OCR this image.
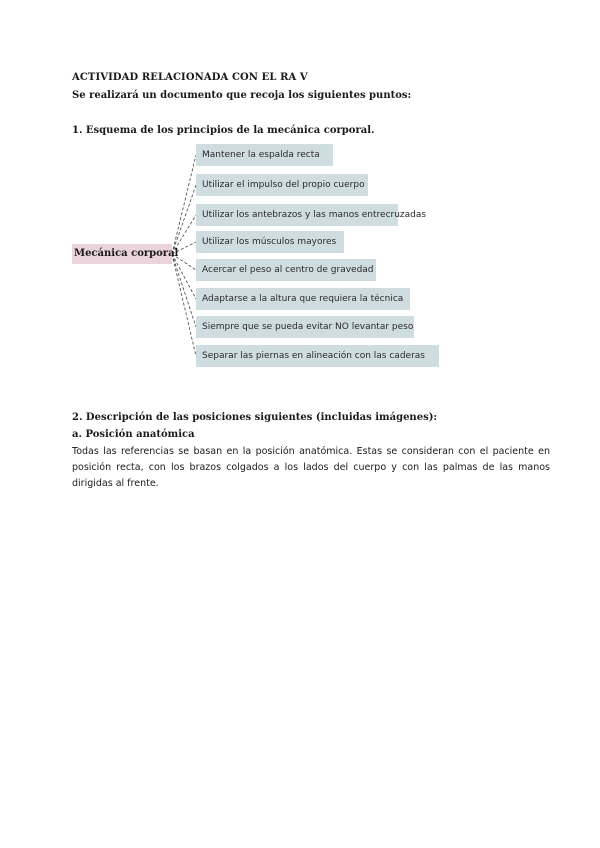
ACTIVIDAD RELACIONADA CON EL RA V
Se realizará un documento que recoja los siguientes puntos:
1. Esquema de los principios de la mecánica corporal.
Mecánica corporal
Mantener la espalda recta
Utilizar el impulso del propio cuerpo
Utilizar los antebrazos y las manos entrecruzadas
Utilizar los músculos mayores
Acercar el peso al centro de gravedad
Adaptarse a la altura que requiera la técnica
Siempre que se pueda evitar NO levantar peso
Separar las piernas en alineación con las caderas
2. Descripción de las posiciones siguientes (incluidas imágenes):
a. Posición anatómica
Todas las referencias se basan en la posición anatómica. Estas se consideran con el paciente en posición recta, con los brazos colgados a los lados del cuerpo y con las palmas de las manos dirigidas al frente.
